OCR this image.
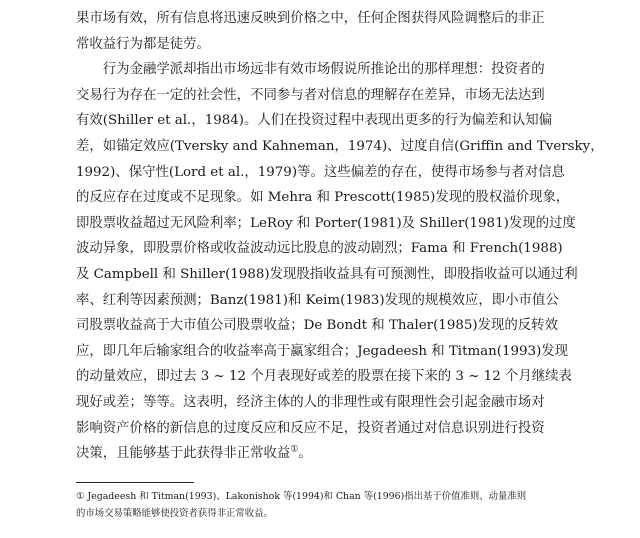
果市场有效，所有信息将迅速反映到价格之中，任何企图获得风险调整后的非正
常收益行为都是徒劳。

行为金融学派却指出市场远非有效市场假说所推论出的那样理想：投资者的
交易行为存在一定的社会性，不同参与者对信息的理解存在差异，市场无法达到
有效(Shiller et al.，1984)。人们在投资过程中表现出更多的行为偏差和认知偏
差，如锚定效应(Tversky and Kahneman，1974)、过度自信(Griffin and Tversky，
1992)、保守性(Lord et al.，1979)等。这些偏差的存在，使得市场参与者对信息
的反应存在过度或不足现象。如 Mehra 和 Prescott(1985)发现的股权溢价现象，
即股票收益超过无风险利率；LeRoy 和 Porter(1981)及 Shiller(1981)发现的过度
波动异象，即股票价格或收益波动远比股息的波动剧烈；Fama 和 French(1988)
及 Campbell 和 Shiller(1988)发现股指收益具有可预测性，即股指收益可以通过利
率、红利等因素预测；Banz(1981)和 Keim(1983)发现的规模效应，即小市值公
司股票收益高于大市值公司股票收益；De Bondt 和 Thaler(1985)发现的反转效
应，即几年后输家组合的收益率高于赢家组合；Jegadeesh 和 Titman(1993)发现
的动量效应，即过去 3 ~ 12 个月表现好或差的股票在接下来的 3 ~ 12 个月继续表
现好或差；等等。这表明，经济主体的人的非理性或有限理性会引起金融市场对
影响资产价格的新信息的过度反应和反应不足，投资者通过对信息识别进行投资
决策，且能够基于此获得非正常收益①。

① Jegadeesh 和 Titman(1993)、Lakonishok 等(1994)和 Chan 等(1996)指出基于价值准则、动量准则
的市场交易策略能够使投资者获得非正常收益。
